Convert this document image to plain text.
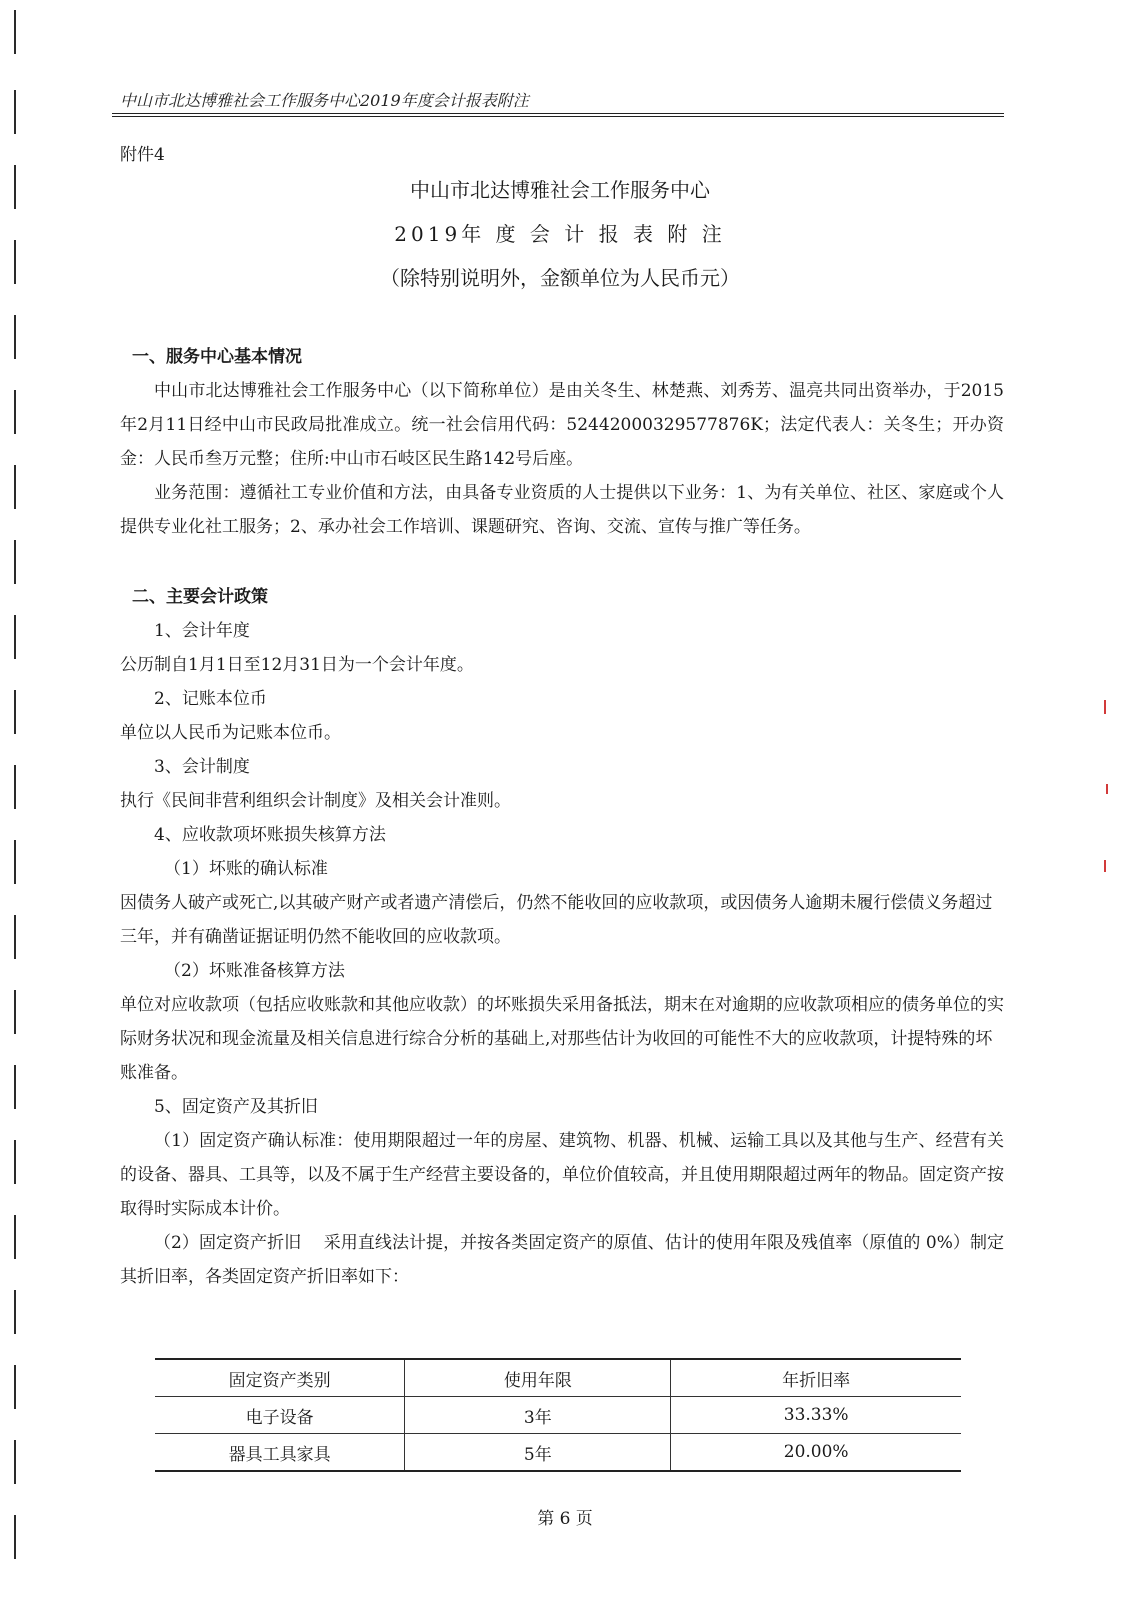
中山市北达博雅社会工作服务中心2019年度会计报表附注
附件4
中山市北达博雅社会工作服务中心
2019年 度 会 计 报 表 附 注
（除特别说明外，金额单位为人民币元）

一、服务中心基本情况

中山市北达博雅社会工作服务中心（以下简称单位）是由关冬生、林楚燕、刘秀芳、温亮共同出资举办，于2015年2月11日经中山市民政局批准成立。统一社会信用代码：52442000329577876K；法定代表人：关冬生；开办资金：人民币叁万元整；住所:中山市石岐区民生路142号后座。

业务范围：遵循社工专业价值和方法，由具备专业资质的人士提供以下业务：1、为有关单位、社区、家庭或个人提供专业化社工服务；2、承办社会工作培训、课题研究、咨询、交流、宣传与推广等任务。

二、主要会计政策

1、会计年度

公历制自1月1日至12月31日为一个会计年度。

2、记账本位币

单位以人民币为记账本位币。

3、会计制度

执行《民间非营利组织会计制度》及相关会计准则。

4、应收款项坏账损失核算方法

（1）坏账的确认标准

因债务人破产或死亡,以其破产财产或者遗产清偿后，仍然不能收回的应收款项，或因债务人逾期未履行偿债义务超过三年，并有确凿证据证明仍然不能收回的应收款项。

（2）坏账准备核算方法

单位对应收款项（包括应收账款和其他应收款）的坏账损失采用备抵法，期末在对逾期的应收款项相应的债务单位的实际财务状况和现金流量及相关信息进行综合分析的基础上,对那些估计为收回的可能性不大的应收款项，计提特殊的坏账准备。

5、固定资产及其折旧

（1）固定资产确认标准：使用期限超过一年的房屋、建筑物、机器、机械、运输工具以及其他与生产、经营有关的设备、器具、工具等，以及不属于生产经营主要设备的，单位价值较高，并且使用期限超过两年的物品。固定资产按取得时实际成本计价。

（2）固定资产折旧　 采用直线法计提，并按各类固定资产的原值、估计的使用年限及残值率（原值的 0%）制定其折旧率，各类固定资产折旧率如下：

固定资产类别	使用年限	年折旧率
电子设备	3年	33.33%
器具工具家具	5年	20.00%
第 6 页
